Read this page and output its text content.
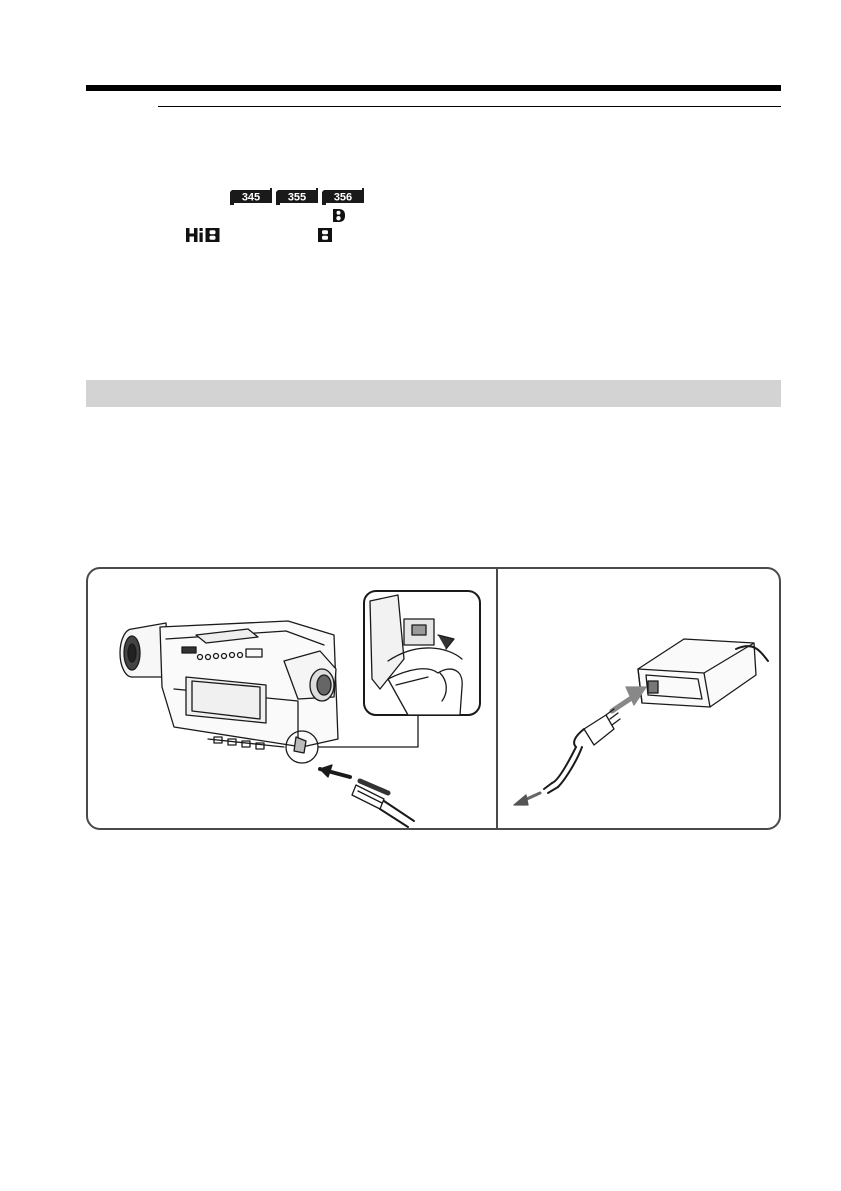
345	355	356
